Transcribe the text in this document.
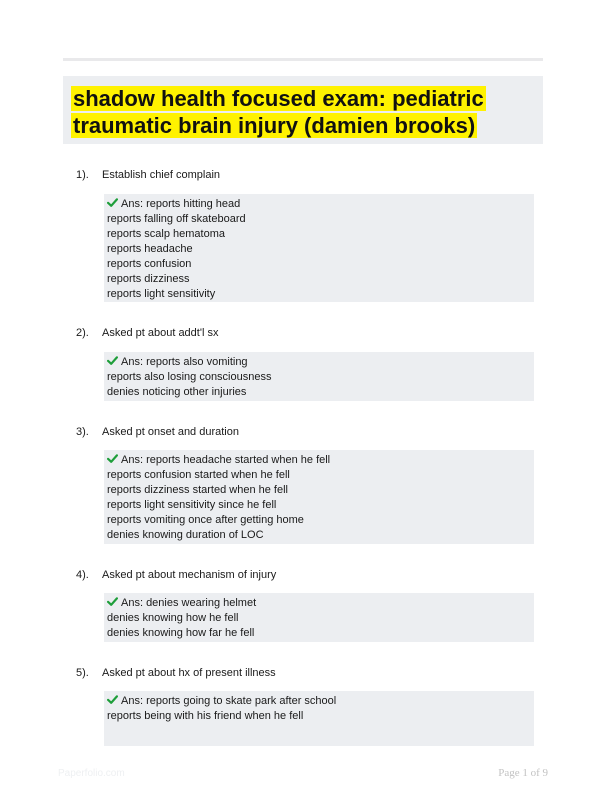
shadow health focused exam: pediatric traumatic brain injury (damien brooks)
1). Establish chief complain
Ans: reports hitting head
reports falling off skateboard
reports scalp hematoma
reports headache
reports confusion
reports dizziness
reports light sensitivity
2). Asked pt about addt'l sx
Ans: reports also vomiting
reports also losing consciousness
denies noticing other injuries
3). Asked pt onset and duration
Ans: reports headache started when he fell
reports confusion started when he fell
reports dizziness started when he fell
reports light sensitivity since he fell
reports vomiting once after getting home
denies knowing duration of LOC
4). Asked pt about mechanism of injury
Ans: denies wearing helmet
denies knowing how he fell
denies knowing how far he fell
5). Asked pt about hx of present illness
Ans: reports going to skate park after school
reports being with his friend when he fell
Paperfolio.com	Page 1 of 9
